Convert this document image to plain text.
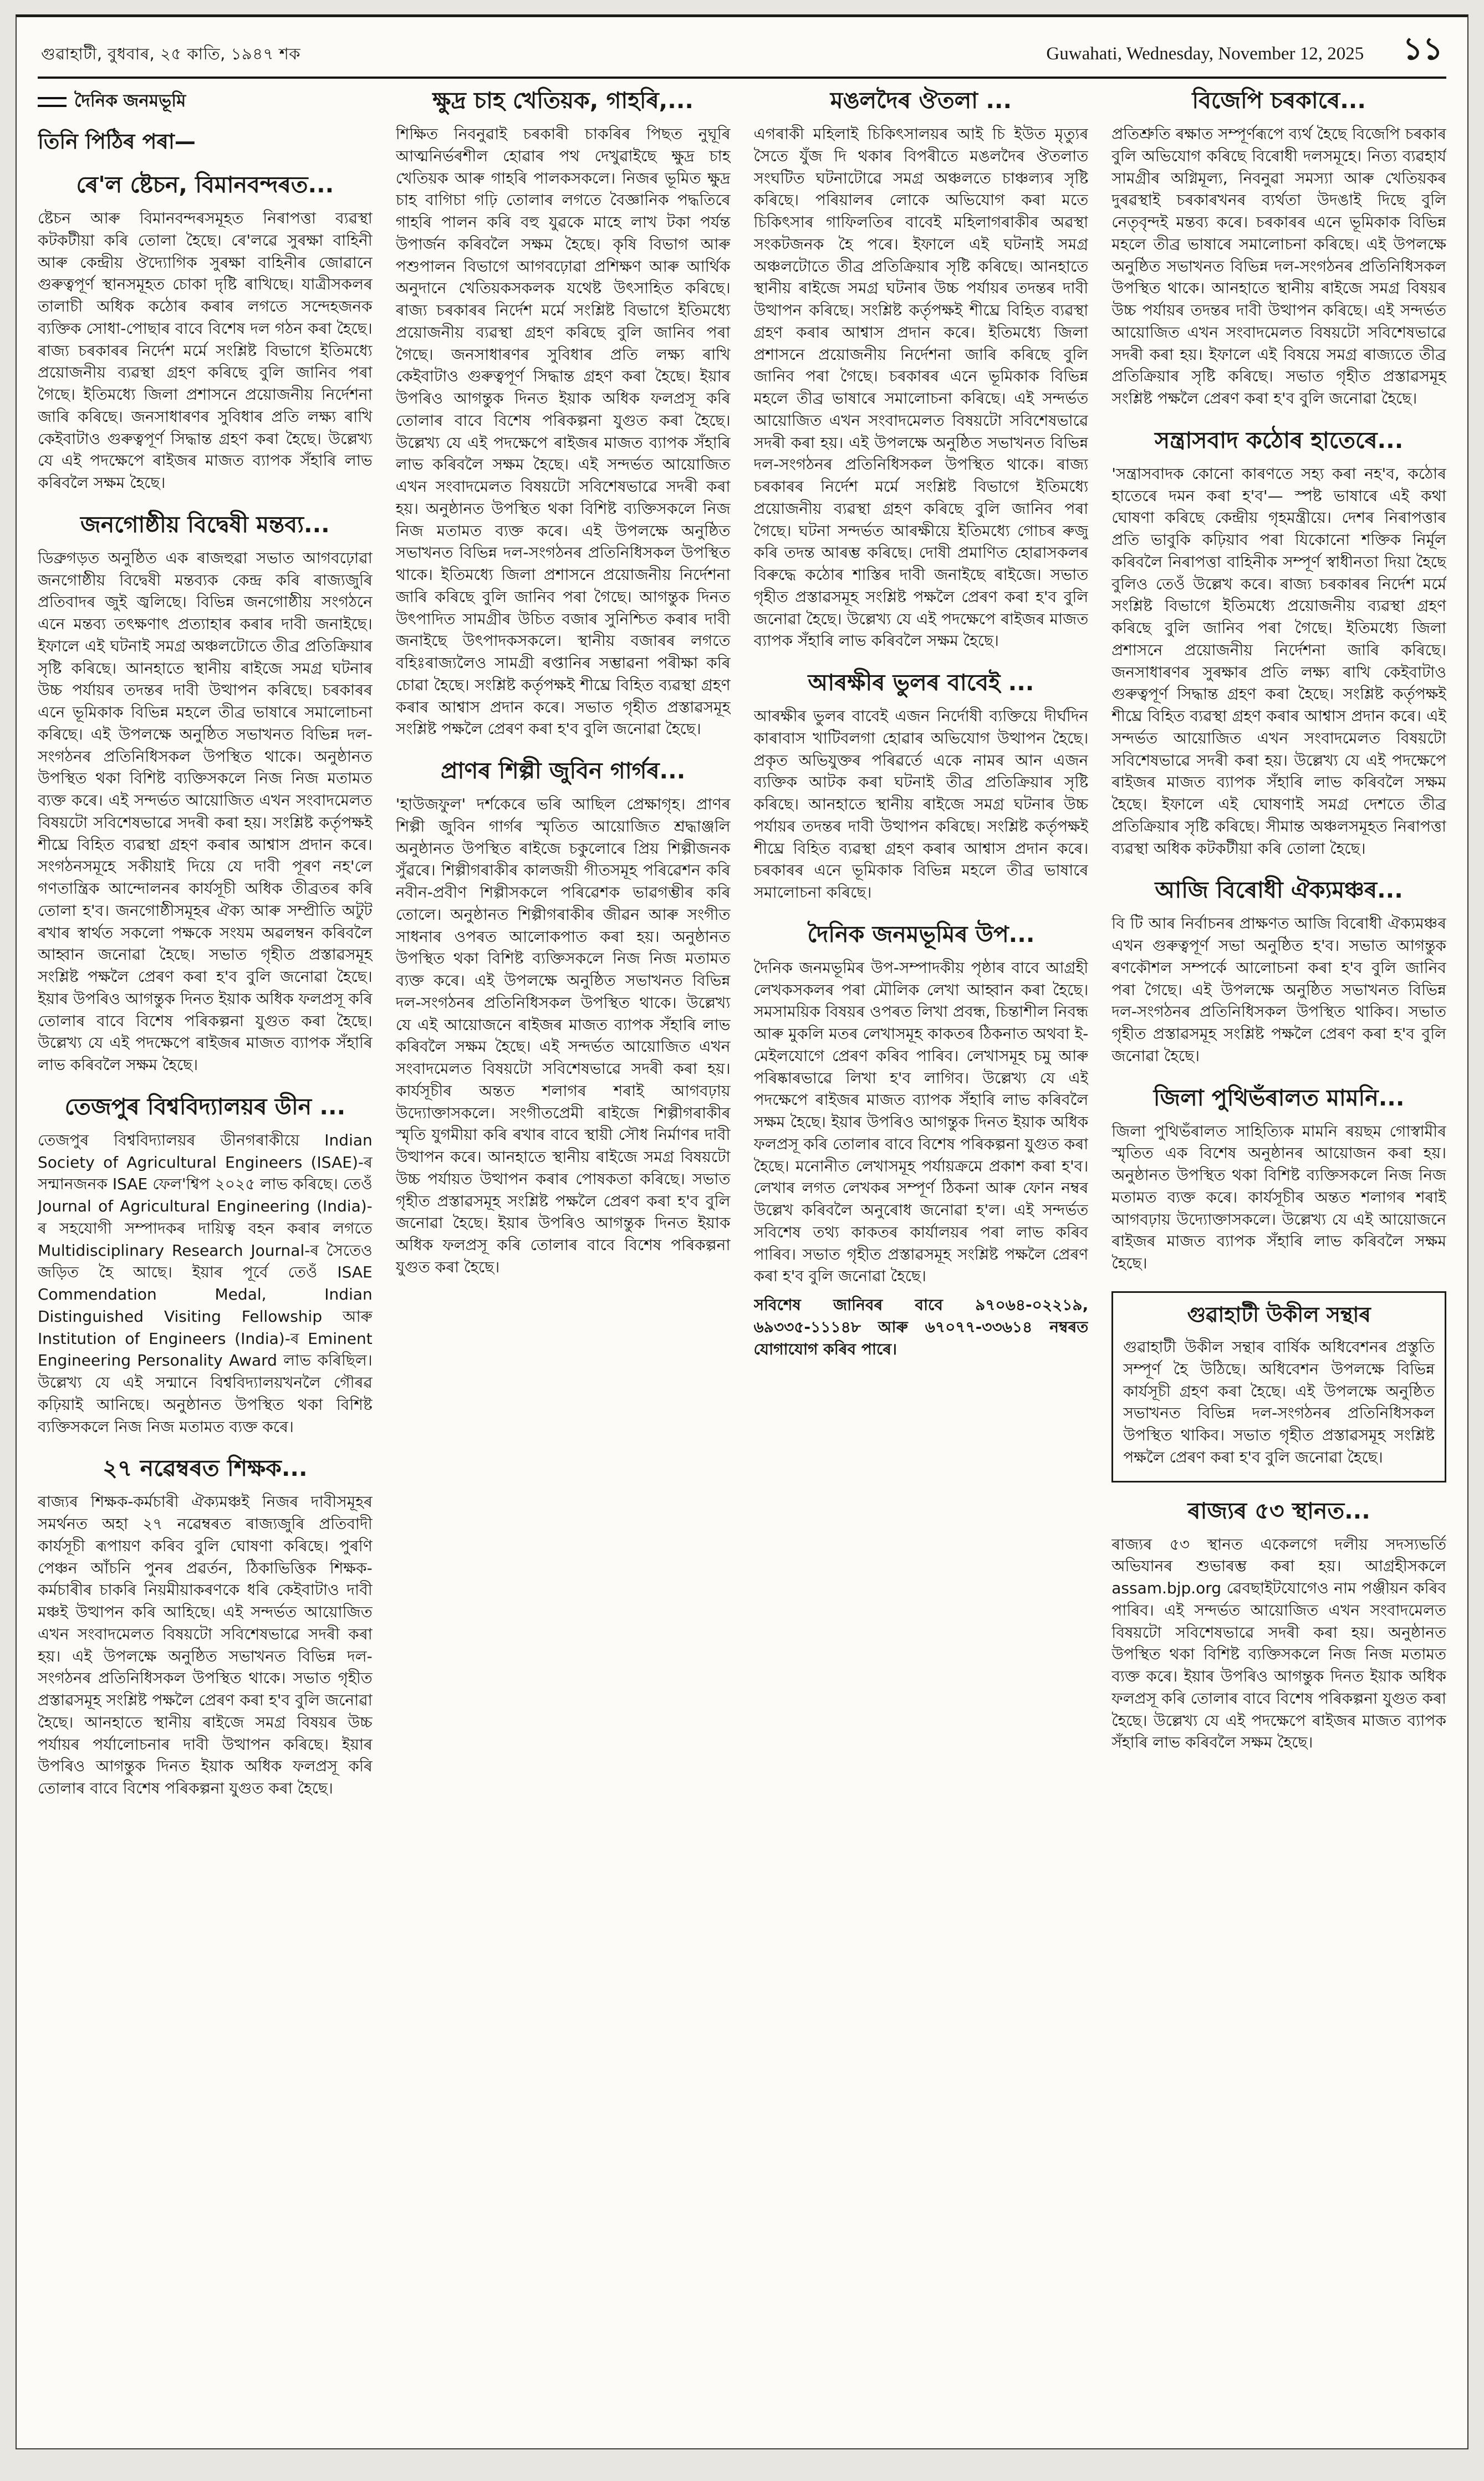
গুৱাহাটী, বুধবাৰ, ২৫ কাতি, ১৯৪৭ শক	Guwahati, Wednesday, November 12, 2025 ১১
দৈনিক জনমভূমি
তিনি পিঠিৰ পৰা—
ৰে'ল ষ্টেচন, বিমানবন্দৰত...

ষ্টেচন আৰু বিমানবন্দৰসমূহত নিৰাপত্তা ব্যৱস্থা কটকটীয়া কৰি তোলা হৈছে। ৰে'লৱে সুৰক্ষা বাহিনী আৰু কেন্দ্ৰীয় ঔদ্যোগিক সুৰক্ষা বাহিনীৰ জোৱানে গুৰুত্বপূৰ্ণ স্থানসমূহত চোকা দৃষ্টি ৰাখিছে। যাত্ৰীসকলৰ তালাচী অধিক কঠোৰ কৰাৰ লগতে সন্দেহজনক ব্যক্তিক সোধা-পোছাৰ বাবে বিশেষ দল গঠন কৰা হৈছে। ৰাজ্য চৰকাৰৰ নিৰ্দেশ মৰ্মে সংশ্লিষ্ট বিভাগে ইতিমধ্যে প্ৰয়োজনীয় ব্যৱস্থা গ্ৰহণ কৰিছে বুলি জানিব পৰা গৈছে। ইতিমধ্যে জিলা প্ৰশাসনে প্ৰয়োজনীয় নিৰ্দেশনা জাৰি কৰিছে। জনসাধাৰণৰ সুবিধাৰ প্ৰতি লক্ষ্য ৰাখি কেইবাটাও গুৰুত্বপূৰ্ণ সিদ্ধান্ত গ্ৰহণ কৰা হৈছে। উল্লেখ্য যে এই পদক্ষেপে ৰাইজৰ মাজত ব্যাপক সঁহাৰি লাভ কৰিবলৈ সক্ষম হৈছে।

জনগোষ্ঠীয় বিদ্বেষী মন্তব্য...

ডিব্ৰুগড়ত অনুষ্ঠিত এক ৰাজহুৱা সভাত আগবঢ়োৱা জনগোষ্ঠীয় বিদ্বেষী মন্তব্যক কেন্দ্ৰ কৰি ৰাজ্যজুৰি প্ৰতিবাদৰ জুই জ্বলিছে। বিভিন্ন জনগোষ্ঠীয় সংগঠনে এনে মন্তব্য তৎক্ষণাৎ প্ৰত্যাহাৰ কৰাৰ দাবী জনাইছে। ইফালে এই ঘটনাই সমগ্ৰ অঞ্চলটোতে তীব্ৰ প্ৰতিক্ৰিয়াৰ সৃষ্টি কৰিছে। আনহাতে স্থানীয় ৰাইজে সমগ্ৰ ঘটনাৰ উচ্চ পৰ্যায়ৰ তদন্তৰ দাবী উত্থাপন কৰিছে। চৰকাৰৰ এনে ভূমিকাক বিভিন্ন মহলে তীব্ৰ ভাষাৰে সমালোচনা কৰিছে। এই উপলক্ষে অনুষ্ঠিত সভাখনত বিভিন্ন দল-সংগঠনৰ প্ৰতিনিধিসকল উপস্থিত থাকে। অনুষ্ঠানত উপস্থিত থকা বিশিষ্ট ব্যক্তিসকলে নিজ নিজ মতামত ব্যক্ত কৰে। এই সন্দৰ্ভত আয়োজিত এখন সংবাদমেলত বিষয়টো সবিশেষভাৱে সদৰী কৰা হয়। সংশ্লিষ্ট কৰ্তৃপক্ষই শীঘ্ৰে বিহিত ব্যৱস্থা গ্ৰহণ কৰাৰ আশ্বাস প্ৰদান কৰে। সংগঠনসমূহে সকীয়াই দিয়ে যে দাবী পূৰণ নহ'লে গণতান্ত্ৰিক আন্দোলনৰ কাৰ্যসূচী অধিক তীব্ৰতৰ কৰি তোলা হ'ব। জনগোষ্ঠীসমূহৰ ঐক্য আৰু সম্প্ৰীতি অটুট ৰখাৰ স্বাৰ্থত সকলো পক্ষকে সংযম অৱলম্বন কৰিবলৈ আহ্বান জনোৱা হৈছে। সভাত গৃহীত প্ৰস্তাৱসমূহ সংশ্লিষ্ট পক্ষলৈ প্ৰেৰণ কৰা হ'ব বুলি জনোৱা হৈছে। ইয়াৰ উপৰিও আগন্তুক দিনত ইয়াক অধিক ফলপ্ৰসূ কৰি তোলাৰ বাবে বিশেষ পৰিকল্পনা যুগুত কৰা হৈছে। উল্লেখ্য যে এই পদক্ষেপে ৰাইজৰ মাজত ব্যাপক সঁহাৰি লাভ কৰিবলৈ সক্ষম হৈছে।

তেজপুৰ বিশ্ববিদ্যালয়ৰ ডীন ...

তেজপুৰ বিশ্ববিদ্যালয়ৰ ডীনগৰাকীয়ে Indian Society of Agricultural Engineers (ISAE)-ৰ সন্মানজনক ISAE ফেল'শ্বিপ ২০২৫ লাভ কৰিছে। তেওঁ Journal of Agricultural Engineering (India)-ৰ সহযোগী সম্পাদকৰ দায়িত্ব বহন কৰাৰ লগতে Multidisciplinary Research Journal-ৰ সৈতেও জড়িত হৈ আছে। ইয়াৰ পূৰ্বে তেওঁ ISAE Commendation Medal, Indian Distinguished Visiting Fellowship আৰু Institution of Engineers (India)-ৰ Eminent Engineering Personality Award লাভ কৰিছিল। উল্লেখ্য যে এই সন্মানে বিশ্ববিদ্যালয়খনলৈ গৌৰৱ কঢ়িয়াই আনিছে। অনুষ্ঠানত উপস্থিত থকা বিশিষ্ট ব্যক্তিসকলে নিজ নিজ মতামত ব্যক্ত কৰে।

২৭ নৱেম্বৰত শিক্ষক...

ৰাজ্যৰ শিক্ষক-কৰ্মচাৰী ঐক্যমঞ্চই নিজৰ দাবীসমূহৰ সমৰ্থনত অহা ২৭ নৱেম্বৰত ৰাজ্যজুৰি প্ৰতিবাদী কাৰ্যসূচী ৰূপায়ণ কৰিব বুলি ঘোষণা কৰিছে। পুৰণি পেঞ্চন আঁচনি পুনৰ প্ৰৱৰ্তন, ঠিকাভিত্তিক শিক্ষক-কৰ্মচাৰীৰ চাকৰি নিয়মীয়াকৰণকে ধৰি কেইবাটাও দাবী মঞ্চই উত্থাপন কৰি আহিছে। এই সন্দৰ্ভত আয়োজিত এখন সংবাদমেলত বিষয়টো সবিশেষভাৱে সদৰী কৰা হয়। এই উপলক্ষে অনুষ্ঠিত সভাখনত বিভিন্ন দল-সংগঠনৰ প্ৰতিনিধিসকল উপস্থিত থাকে। সভাত গৃহীত প্ৰস্তাৱসমূহ সংশ্লিষ্ট পক্ষলৈ প্ৰেৰণ কৰা হ'ব বুলি জনোৱা হৈছে। আনহাতে স্থানীয় ৰাইজে সমগ্ৰ বিষয়ৰ উচ্চ পৰ্যায়ৰ পৰ্যালোচনাৰ দাবী উত্থাপন কৰিছে। ইয়াৰ উপৰিও আগন্তুক দিনত ইয়াক অধিক ফলপ্ৰসূ কৰি তোলাৰ বাবে বিশেষ পৰিকল্পনা যুগুত কৰা হৈছে।

ক্ষুদ্ৰ চাহ খেতিয়ক, গাহৰি,...

শিক্ষিত নিবনুৱাই চৰকাৰী চাকৰিৰ পিছত নুঘূৰি আত্মনিৰ্ভৰশীল হোৱাৰ পথ দেখুৱাইছে ক্ষুদ্ৰ চাহ খেতিয়ক আৰু গাহৰি পালকসকলে। নিজৰ ভূমিত ক্ষুদ্ৰ চাহ বাগিচা গঢ়ি তোলাৰ লগতে বৈজ্ঞানিক পদ্ধতিৰে গাহৰি পালন কৰি বহু যুৱকে মাহে লাখ টকা পৰ্যন্ত উপাৰ্জন কৰিবলৈ সক্ষম হৈছে। কৃষি বিভাগ আৰু পশুপালন বিভাগে আগবঢ়োৱা প্ৰশিক্ষণ আৰু আৰ্থিক অনুদানে খেতিয়কসকলক যথেষ্ট উৎসাহিত কৰিছে। ৰাজ্য চৰকাৰৰ নিৰ্দেশ মৰ্মে সংশ্লিষ্ট বিভাগে ইতিমধ্যে প্ৰয়োজনীয় ব্যৱস্থা গ্ৰহণ কৰিছে বুলি জানিব পৰা গৈছে। জনসাধাৰণৰ সুবিধাৰ প্ৰতি লক্ষ্য ৰাখি কেইবাটাও গুৰুত্বপূৰ্ণ সিদ্ধান্ত গ্ৰহণ কৰা হৈছে। ইয়াৰ উপৰিও আগন্তুক দিনত ইয়াক অধিক ফলপ্ৰসূ কৰি তোলাৰ বাবে বিশেষ পৰিকল্পনা যুগুত কৰা হৈছে। উল্লেখ্য যে এই পদক্ষেপে ৰাইজৰ মাজত ব্যাপক সঁহাৰি লাভ কৰিবলৈ সক্ষম হৈছে। এই সন্দৰ্ভত আয়োজিত এখন সংবাদমেলত বিষয়টো সবিশেষভাৱে সদৰী কৰা হয়। অনুষ্ঠানত উপস্থিত থকা বিশিষ্ট ব্যক্তিসকলে নিজ নিজ মতামত ব্যক্ত কৰে। এই উপলক্ষে অনুষ্ঠিত সভাখনত বিভিন্ন দল-সংগঠনৰ প্ৰতিনিধিসকল উপস্থিত থাকে। ইতিমধ্যে জিলা প্ৰশাসনে প্ৰয়োজনীয় নিৰ্দেশনা জাৰি কৰিছে বুলি জানিব পৰা গৈছে। আগন্তুক দিনত উৎপাদিত সামগ্ৰীৰ উচিত বজাৰ সুনিশ্চিত কৰাৰ দাবী জনাইছে উৎপাদকসকলে। স্থানীয় বজাৰৰ লগতে বহিঃৰাজ্যলৈও সামগ্ৰী ৰপ্তানিৰ সম্ভাৱনা পৰীক্ষা কৰি চোৱা হৈছে। সংশ্লিষ্ট কৰ্তৃপক্ষই শীঘ্ৰে বিহিত ব্যৱস্থা গ্ৰহণ কৰাৰ আশ্বাস প্ৰদান কৰে। সভাত গৃহীত প্ৰস্তাৱসমূহ সংশ্লিষ্ট পক্ষলৈ প্ৰেৰণ কৰা হ'ব বুলি জনোৱা হৈছে।

প্ৰাণৰ শিল্পী জুবিন গাৰ্গৰ...

'হাউজফুল' দৰ্শকেৰে ভৰি আছিল প্ৰেক্ষাগৃহ। প্ৰাণৰ শিল্পী জুবিন গাৰ্গৰ স্মৃতিত আয়োজিত শ্ৰদ্ধাঞ্জলি অনুষ্ঠানত উপস্থিত ৰাইজে চকুলোৰে প্ৰিয় শিল্পীজনক সুঁৱৰে। শিল্পীগৰাকীৰ কালজয়ী গীতসমূহ পৰিৱেশন কৰি নবীন-প্ৰবীণ শিল্পীসকলে পৰিৱেশক ভাৱগম্ভীৰ কৰি তোলে। অনুষ্ঠানত শিল্পীগৰাকীৰ জীৱন আৰু সংগীত সাধনাৰ ওপৰত আলোকপাত কৰা হয়। অনুষ্ঠানত উপস্থিত থকা বিশিষ্ট ব্যক্তিসকলে নিজ নিজ মতামত ব্যক্ত কৰে। এই উপলক্ষে অনুষ্ঠিত সভাখনত বিভিন্ন দল-সংগঠনৰ প্ৰতিনিধিসকল উপস্থিত থাকে। উল্লেখ্য যে এই আয়োজনে ৰাইজৰ মাজত ব্যাপক সঁহাৰি লাভ কৰিবলৈ সক্ষম হৈছে। এই সন্দৰ্ভত আয়োজিত এখন সংবাদমেলত বিষয়টো সবিশেষভাৱে সদৰী কৰা হয়। কাৰ্যসূচীৰ অন্তত শলাগৰ শৰাই আগবঢ়ায় উদ্যোক্তাসকলে। সংগীতপ্ৰেমী ৰাইজে শিল্পীগৰাকীৰ স্মৃতি যুগমীয়া কৰি ৰখাৰ বাবে স্থায়ী সৌধ নিৰ্মাণৰ দাবী উত্থাপন কৰে। আনহাতে স্থানীয় ৰাইজে সমগ্ৰ বিষয়টো উচ্চ পৰ্যায়ত উত্থাপন কৰাৰ পোষকতা কৰিছে। সভাত গৃহীত প্ৰস্তাৱসমূহ সংশ্লিষ্ট পক্ষলৈ প্ৰেৰণ কৰা হ'ব বুলি জনোৱা হৈছে। ইয়াৰ উপৰিও আগন্তুক দিনত ইয়াক অধিক ফলপ্ৰসূ কৰি তোলাৰ বাবে বিশেষ পৰিকল্পনা যুগুত কৰা হৈছে।

মঙলদৈৰ ঔতলা ...

এগৰাকী মহিলাই চিকিৎসালয়ৰ আই চি ইউত মৃত্যুৰ সৈতে যুঁজ দি থকাৰ বিপৰীতে মঙলদৈৰ ঔতলাত সংঘটিত ঘটনাটোৱে সমগ্ৰ অঞ্চলতে চাঞ্চল্যৰ সৃষ্টি কৰিছে। পৰিয়ালৰ লোকে অভিযোগ কৰা মতে চিকিৎসাৰ গাফিলতিৰ বাবেই মহিলাগৰাকীৰ অৱস্থা সংকটজনক হৈ পৰে। ইফালে এই ঘটনাই সমগ্ৰ অঞ্চলটোতে তীব্ৰ প্ৰতিক্ৰিয়াৰ সৃষ্টি কৰিছে। আনহাতে স্থানীয় ৰাইজে সমগ্ৰ ঘটনাৰ উচ্চ পৰ্যায়ৰ তদন্তৰ দাবী উত্থাপন কৰিছে। সংশ্লিষ্ট কৰ্তৃপক্ষই শীঘ্ৰে বিহিত ব্যৱস্থা গ্ৰহণ কৰাৰ আশ্বাস প্ৰদান কৰে। ইতিমধ্যে জিলা প্ৰশাসনে প্ৰয়োজনীয় নিৰ্দেশনা জাৰি কৰিছে বুলি জানিব পৰা গৈছে। চৰকাৰৰ এনে ভূমিকাক বিভিন্ন মহলে তীব্ৰ ভাষাৰে সমালোচনা কৰিছে। এই সন্দৰ্ভত আয়োজিত এখন সংবাদমেলত বিষয়টো সবিশেষভাৱে সদৰী কৰা হয়। এই উপলক্ষে অনুষ্ঠিত সভাখনত বিভিন্ন দল-সংগঠনৰ প্ৰতিনিধিসকল উপস্থিত থাকে। ৰাজ্য চৰকাৰৰ নিৰ্দেশ মৰ্মে সংশ্লিষ্ট বিভাগে ইতিমধ্যে প্ৰয়োজনীয় ব্যৱস্থা গ্ৰহণ কৰিছে বুলি জানিব পৰা গৈছে। ঘটনা সন্দৰ্ভত আৰক্ষীয়ে ইতিমধ্যে গোচৰ ৰুজু কৰি তদন্ত আৰম্ভ কৰিছে। দোষী প্ৰমাণিত হোৱাসকলৰ বিৰুদ্ধে কঠোৰ শাস্তিৰ দাবী জনাইছে ৰাইজে। সভাত গৃহীত প্ৰস্তাৱসমূহ সংশ্লিষ্ট পক্ষলৈ প্ৰেৰণ কৰা হ'ব বুলি জনোৱা হৈছে। উল্লেখ্য যে এই পদক্ষেপে ৰাইজৰ মাজত ব্যাপক সঁহাৰি লাভ কৰিবলৈ সক্ষম হৈছে।

আৰক্ষীৰ ভুলৰ বাবেই ...

আৰক্ষীৰ ভুলৰ বাবেই এজন নিৰ্দোষী ব্যক্তিয়ে দীৰ্ঘদিন কাৰাবাস খাটিবলগা হোৱাৰ অভিযোগ উত্থাপন হৈছে। প্ৰকৃত অভিযুক্তৰ পৰিৱৰ্তে একে নামৰ আন এজন ব্যক্তিক আটক কৰা ঘটনাই তীব্ৰ প্ৰতিক্ৰিয়াৰ সৃষ্টি কৰিছে। আনহাতে স্থানীয় ৰাইজে সমগ্ৰ ঘটনাৰ উচ্চ পৰ্যায়ৰ তদন্তৰ দাবী উত্থাপন কৰিছে। সংশ্লিষ্ট কৰ্তৃপক্ষই শীঘ্ৰে বিহিত ব্যৱস্থা গ্ৰহণ কৰাৰ আশ্বাস প্ৰদান কৰে। চৰকাৰৰ এনে ভূমিকাক বিভিন্ন মহলে তীব্ৰ ভাষাৰে সমালোচনা কৰিছে।

দৈনিক জনমভূমিৰ উপ...

দৈনিক জনমভূমিৰ উপ-সম্পাদকীয় পৃষ্ঠাৰ বাবে আগ্ৰহী লেখকসকলৰ পৰা মৌলিক লেখা আহ্বান কৰা হৈছে। সমসাময়িক বিষয়ৰ ওপৰত লিখা প্ৰবন্ধ, চিন্তাশীল নিবন্ধ আৰু মুকলি মতৰ লেখাসমূহ কাকতৰ ঠিকনাত অথবা ই-মেইলযোগে প্ৰেৰণ কৰিব পাৰিব। লেখাসমূহ চমু আৰু পৰিষ্কাৰভাৱে লিখা হ'ব লাগিব। উল্লেখ্য যে এই পদক্ষেপে ৰাইজৰ মাজত ব্যাপক সঁহাৰি লাভ কৰিবলৈ সক্ষম হৈছে। ইয়াৰ উপৰিও আগন্তুক দিনত ইয়াক অধিক ফলপ্ৰসূ কৰি তোলাৰ বাবে বিশেষ পৰিকল্পনা যুগুত কৰা হৈছে। মনোনীত লেখাসমূহ পৰ্যায়ক্ৰমে প্ৰকাশ কৰা হ'ব। লেখাৰ লগত লেখকৰ সম্পূৰ্ণ ঠিকনা আৰু ফোন নম্বৰ উল্লেখ কৰিবলৈ অনুৰোধ জনোৱা হ'ল। এই সন্দৰ্ভত সবিশেষ তথ্য কাকতৰ কাৰ্যালয়ৰ পৰা লাভ কৰিব পাৰিব। সভাত গৃহীত প্ৰস্তাৱসমূহ সংশ্লিষ্ট পক্ষলৈ প্ৰেৰণ কৰা হ'ব বুলি জনোৱা হৈছে।

সবিশেষ জানিবৰ বাবে ৯৭০৬৪-০২২১৯, ৬৯৩৩৫-১১১৪৮ আৰু ৬৭০৭৭-৩৩৬১৪ নম্বৰত যোগাযোগ কৰিব পাৰে।

বিজেপি চৰকাৰে...

প্ৰতিশ্ৰুতি ৰক্ষাত সম্পূৰ্ণৰূপে ব্যৰ্থ হৈছে বিজেপি চৰকাৰ বুলি অভিযোগ কৰিছে বিৰোধী দলসমূহে। নিত্য ব্যৱহাৰ্য সামগ্ৰীৰ অগ্নিমূল্য, নিবনুৱা সমস্যা আৰু খেতিয়কৰ দুৰৱস্থাই চৰকাৰখনৰ ব্যৰ্থতা উদঙাই দিছে বুলি নেতৃবৃন্দই মন্তব্য কৰে। চৰকাৰৰ এনে ভূমিকাক বিভিন্ন মহলে তীব্ৰ ভাষাৰে সমালোচনা কৰিছে। এই উপলক্ষে অনুষ্ঠিত সভাখনত বিভিন্ন দল-সংগঠনৰ প্ৰতিনিধিসকল উপস্থিত থাকে। আনহাতে স্থানীয় ৰাইজে সমগ্ৰ বিষয়ৰ উচ্চ পৰ্যায়ৰ তদন্তৰ দাবী উত্থাপন কৰিছে। এই সন্দৰ্ভত আয়োজিত এখন সংবাদমেলত বিষয়টো সবিশেষভাৱে সদৰী কৰা হয়। ইফালে এই বিষয়ে সমগ্ৰ ৰাজ্যতে তীব্ৰ প্ৰতিক্ৰিয়াৰ সৃষ্টি কৰিছে। সভাত গৃহীত প্ৰস্তাৱসমূহ সংশ্লিষ্ট পক্ষলৈ প্ৰেৰণ কৰা হ'ব বুলি জনোৱা হৈছে।

সন্ত্ৰাসবাদ কঠোৰ হাতেৰে...

'সন্ত্ৰাসবাদক কোনো কাৰণতে সহ্য কৰা নহ'ব, কঠোৰ হাতেৰে দমন কৰা হ'ব'— স্পষ্ট ভাষাৰে এই কথা ঘোষণা কৰিছে কেন্দ্ৰীয় গৃহমন্ত্ৰীয়ে। দেশৰ নিৰাপত্তাৰ প্ৰতি ভাবুকি কঢ়িয়াব পৰা যিকোনো শক্তিক নিৰ্মূল কৰিবলৈ নিৰাপত্তা বাহিনীক সম্পূৰ্ণ স্বাধীনতা দিয়া হৈছে বুলিও তেওঁ উল্লেখ কৰে। ৰাজ্য চৰকাৰৰ নিৰ্দেশ মৰ্মে সংশ্লিষ্ট বিভাগে ইতিমধ্যে প্ৰয়োজনীয় ব্যৱস্থা গ্ৰহণ কৰিছে বুলি জানিব পৰা গৈছে। ইতিমধ্যে জিলা প্ৰশাসনে প্ৰয়োজনীয় নিৰ্দেশনা জাৰি কৰিছে। জনসাধাৰণৰ সুৰক্ষাৰ প্ৰতি লক্ষ্য ৰাখি কেইবাটাও গুৰুত্বপূৰ্ণ সিদ্ধান্ত গ্ৰহণ কৰা হৈছে। সংশ্লিষ্ট কৰ্তৃপক্ষই শীঘ্ৰে বিহিত ব্যৱস্থা গ্ৰহণ কৰাৰ আশ্বাস প্ৰদান কৰে। এই সন্দৰ্ভত আয়োজিত এখন সংবাদমেলত বিষয়টো সবিশেষভাৱে সদৰী কৰা হয়। উল্লেখ্য যে এই পদক্ষেপে ৰাইজৰ মাজত ব্যাপক সঁহাৰি লাভ কৰিবলৈ সক্ষম হৈছে। ইফালে এই ঘোষণাই সমগ্ৰ দেশতে তীব্ৰ প্ৰতিক্ৰিয়াৰ সৃষ্টি কৰিছে। সীমান্ত অঞ্চলসমূহত নিৰাপত্তা ব্যৱস্থা অধিক কটকটীয়া কৰি তোলা হৈছে।

আজি বিৰোধী ঐক্যমঞ্চৰ...

বি টি আৰ নিৰ্বাচনৰ প্ৰাক্ষণত আজি বিৰোধী ঐক্যমঞ্চৰ এখন গুৰুত্বপূৰ্ণ সভা অনুষ্ঠিত হ'ব। সভাত আগন্তুক ৰণকৌশল সম্পৰ্কে আলোচনা কৰা হ'ব বুলি জানিব পৰা গৈছে। এই উপলক্ষে অনুষ্ঠিত সভাখনত বিভিন্ন দল-সংগঠনৰ প্ৰতিনিধিসকল উপস্থিত থাকিব। সভাত গৃহীত প্ৰস্তাৱসমূহ সংশ্লিষ্ট পক্ষলৈ প্ৰেৰণ কৰা হ'ব বুলি জনোৱা হৈছে।

জিলা পুথিভঁৰালত মামনি...

জিলা পুথিভঁৰালত সাহিত্যিক মামনি ৰয়ছম গোস্বামীৰ স্মৃতিত এক বিশেষ অনুষ্ঠানৰ আয়োজন কৰা হয়। অনুষ্ঠানত উপস্থিত থকা বিশিষ্ট ব্যক্তিসকলে নিজ নিজ মতামত ব্যক্ত কৰে। কাৰ্যসূচীৰ অন্তত শলাগৰ শৰাই আগবঢ়ায় উদ্যোক্তাসকলে। উল্লেখ্য যে এই আয়োজনে ৰাইজৰ মাজত ব্যাপক সঁহাৰি লাভ কৰিবলৈ সক্ষম হৈছে।

গুৱাহাটী উকীল সন্থাৰ

গুৱাহাটী উকীল সন্থাৰ বাৰ্ষিক অধিবেশনৰ প্ৰস্তুতি সম্পূৰ্ণ হৈ উঠিছে। অধিবেশন উপলক্ষে বিভিন্ন কাৰ্যসূচী গ্ৰহণ কৰা হৈছে। এই উপলক্ষে অনুষ্ঠিত সভাখনত বিভিন্ন দল-সংগঠনৰ প্ৰতিনিধিসকল উপস্থিত থাকিব। সভাত গৃহীত প্ৰস্তাৱসমূহ সংশ্লিষ্ট পক্ষলৈ প্ৰেৰণ কৰা হ'ব বুলি জনোৱা হৈছে।

ৰাজ্যৰ ৫৩ স্থানত...

ৰাজ্যৰ ৫৩ স্থানত একেলগে দলীয় সদস্যভৰ্তি অভিযানৰ শুভাৰম্ভ কৰা হয়। আগ্ৰহীসকলে assam.bjp.org ৱেবছাইটযোগেও নাম পঞ্জীয়ন কৰিব পাৰিব। এই সন্দৰ্ভত আয়োজিত এখন সংবাদমেলত বিষয়টো সবিশেষভাৱে সদৰী কৰা হয়। অনুষ্ঠানত উপস্থিত থকা বিশিষ্ট ব্যক্তিসকলে নিজ নিজ মতামত ব্যক্ত কৰে। ইয়াৰ উপৰিও আগন্তুক দিনত ইয়াক অধিক ফলপ্ৰসূ কৰি তোলাৰ বাবে বিশেষ পৰিকল্পনা যুগুত কৰা হৈছে। উল্লেখ্য যে এই পদক্ষেপে ৰাইজৰ মাজত ব্যাপক সঁহাৰি লাভ কৰিবলৈ সক্ষম হৈছে।
